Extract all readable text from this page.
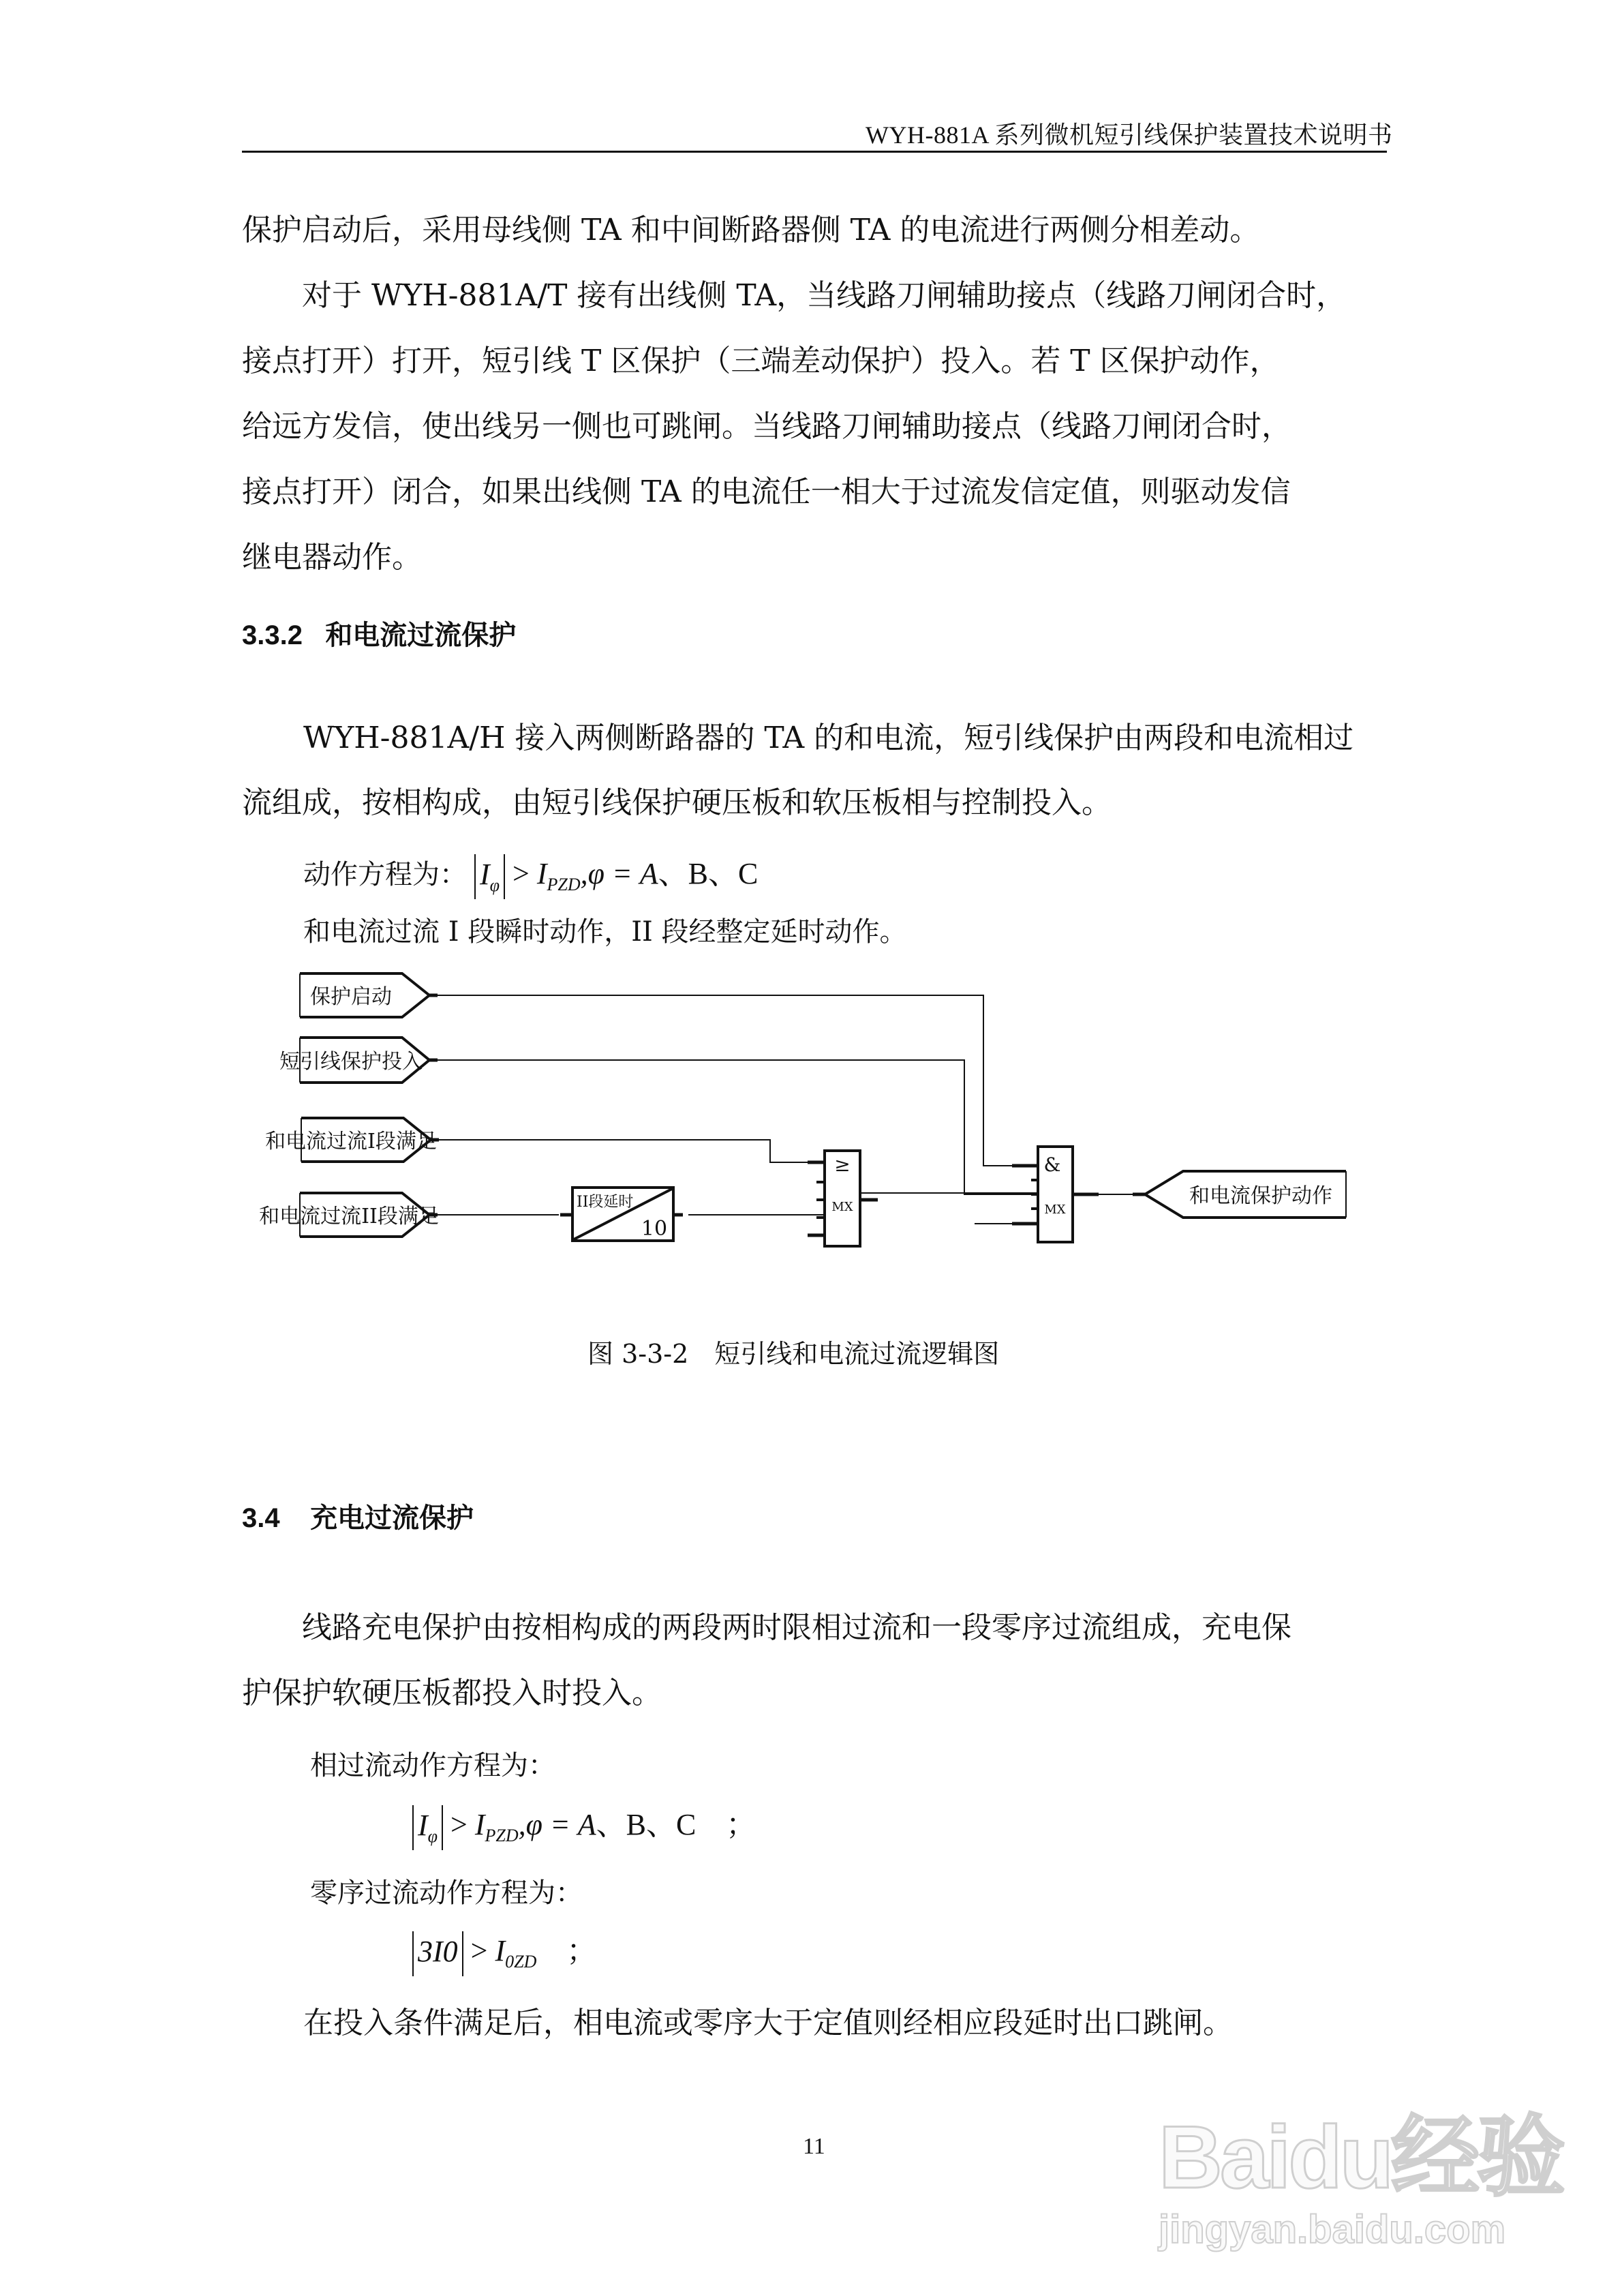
WYH-881A 系列微机短引线保护装置技术说明书
保护启动后，采用母线侧 TA 和中间断路器侧 TA 的电流进行两侧分相差动。
　　对于 WYH-881A/T 接有出线侧 TA，当线路刀闸辅助接点（线路刀闸闭合时，
接点打开）打开，短引线 T 区保护（三端差动保护）投入。若 T 区保护动作，
给远方发信，使出线另一侧也可跳闸。当线路刀闸辅助接点（线路刀闸闭合时，
接点打开）闭合，如果出线侧 TA 的电流任一相大于过流发信定值，则驱动发信
继电器动作。
3.3.2 和电流过流保护
WYH-881A/H 接入两侧断路器的 TA 的和电流，短引线保护由两段和电流相过
流组成，按相构成，由短引线保护硬压板和软压板相与控制投入。
动作方程为： $I_\varphi > I_{PZD},\varphi = A$、B、C
和电流过流 I 段瞬时动作，II 段经整定延时动作。
保护启动
短引线保护投入
和电流过流I段满足
和电流过流II段满足
II段延时
10
≥
MX
&
MX
和电流保护动作
图 3-3-2　短引线和电流过流逻辑图
3.4 充电过流保护
　　线路充电保护由按相构成的两段两时限相过流和一段零序过流组成，充电保
护保护软硬压板都投入时投入。
相过流动作方程为：
$I_\varphi > I_{PZD},\varphi = A$、B、C　；
零序过流动作方程为：
$3I0 > I_{0ZD}$　；
在投入条件满足后，相电流或零序大于定值则经相应段延时出口跳闸。
11	Baidu经验
jingyan.baidu.com
